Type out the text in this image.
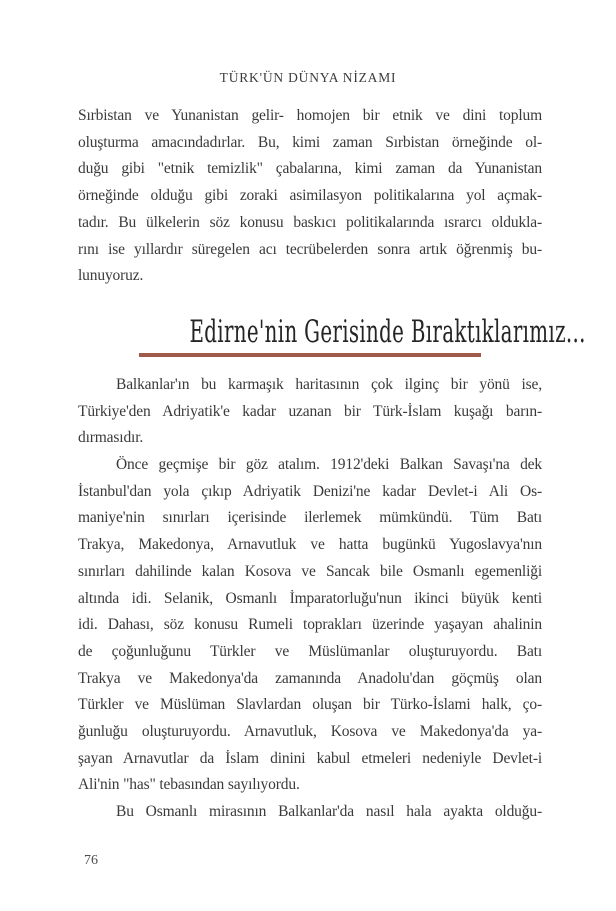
TÜRK'ÜN DÜNYA NİZAMI
Sırbistan ve Yunanistan gelir- homojen bir etnik ve dini toplum
oluşturma amacındadırlar. Bu, kimi zaman Sırbistan örneğinde ol-
duğu gibi "etnik temizlik" çabalarına, kimi zaman da Yunanistan
örneğinde olduğu gibi zoraki asimilasyon politikalarına yol açmak-
tadır. Bu ülkelerin söz konusu baskıcı politikalarında ısrarcı oldukla-
rını ise yıllardır süregelen acı tecrübelerden sonra artık öğrenmiş bu-
lunuyoruz.
Edirne'nin Gerisinde Bıraktıklarımız...
Balkanlar'ın bu karmaşık haritasının çok ilginç bir yönü ise,
Türkiye'den Adriyatik'e kadar uzanan bir Türk-İslam kuşağı barın-
dırmasıdır.
Önce geçmişe bir göz atalım. 1912'deki Balkan Savaşı'na dek
İstanbul'dan yola çıkıp Adriyatik Denizi'ne kadar Devlet-i Ali Os-
maniye'nin sınırları içerisinde ilerlemek mümkündü. Tüm Batı
Trakya, Makedonya, Arnavutluk ve hatta bugünkü Yugoslavya'nın
sınırları dahilinde kalan Kosova ve Sancak bile Osmanlı egemenliği
altında idi. Selanik, Osmanlı İmparatorluğu'nun ikinci büyük kenti
idi. Dahası, söz konusu Rumeli toprakları üzerinde yaşayan ahalinin
de çoğunluğunu Türkler ve Müslümanlar oluşturuyordu. Batı
Trakya ve Makedonya'da zamanında Anadolu'dan göçmüş olan
Türkler ve Müslüman Slavlardan oluşan bir Türko-İslami halk, ço-
ğunluğu oluşturuyordu. Arnavutluk, Kosova ve Makedonya'da ya-
şayan Arnavutlar da İslam dinini kabul etmeleri nedeniyle Devlet-i
Ali'nin "has" tebasından sayılıyordu.
Bu Osmanlı mirasının Balkanlar'da nasıl hala ayakta olduğu-
76
